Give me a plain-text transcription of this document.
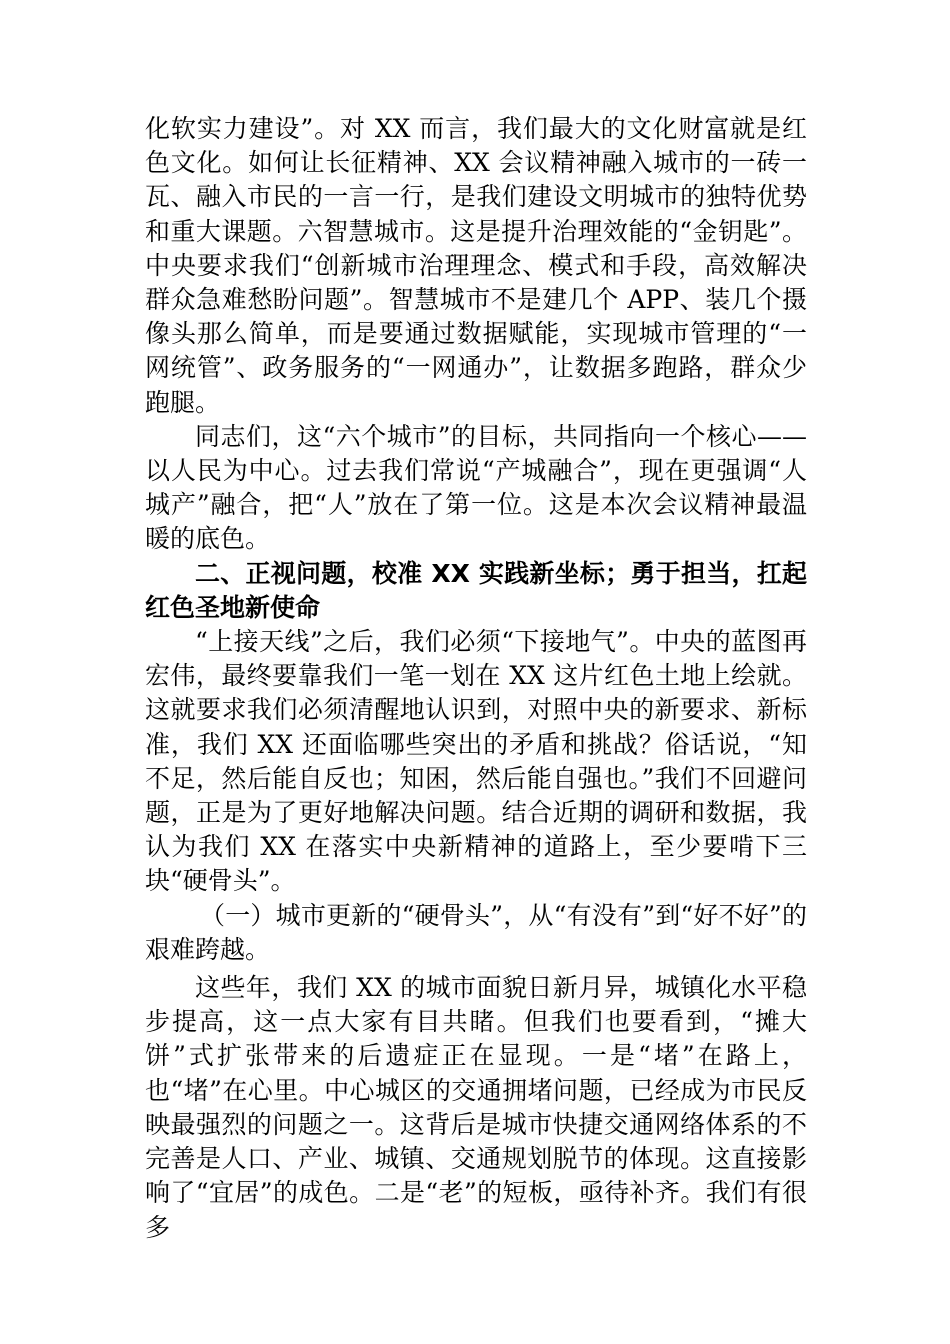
化软实力建设”。对 XX 而言，我们最大的文化财富就是红色文化。如何让长征精神、XX 会议精神融入城市的一砖一瓦、融入市民的一言一行，是我们建设文明城市的独特优势和重大课题。六智慧城市。这是提升治理效能的“金钥匙”。中央要求我们“创新城市治理理念、模式和手段，高效解决群众急难愁盼问题”。智慧城市不是建几个 APP、装几个摄像头那么简单，而是要通过数据赋能，实现城市管理的“一网统管”、政务服务的“一网通办”，让数据多跑路，群众少跑腿。

同志们，这“六个城市”的目标，共同指向一个核心——以人民为中心。过去我们常说“产城融合”，现在更强调“人城产”融合，把“人”放在了第一位。这是本次会议精神最温暖的底色。

二、正视问题，校准 XX 实践新坐标；勇于担当，扛起红色圣地新使命

“上接天线”之后，我们必须“下接地气”。中央的蓝图再宏伟，最终要靠我们一笔一划在 XX 这片红色土地上绘就。这就要求我们必须清醒地认识到，对照中央的新要求、新标准，我们 XX 还面临哪些突出的矛盾和挑战？俗话说，“知不足，然后能自反也；知困，然后能自强也。”我们不回避问题，正是为了更好地解决问题。结合近期的调研和数据，我认为我们 XX 在落实中央新精神的道路上，至少要啃下三块“硬骨头”。

（一）城市更新的“硬骨头”，从“有没有”到“好不好”的艰难跨越。

这些年，我们 XX 的城市面貌日新月异，城镇化水平稳步提高，这一点大家有目共睹。但我们也要看到，“摊大饼”式扩张带来的后遗症正在显现。一是“堵”在路上，也“堵”在心里。中心城区的交通拥堵问题，已经成为市民反映最强烈的问题之一。这背后是城市快捷交通网络体系的不完善是人口、产业、城镇、交通规划脱节的体现。这直接影响了“宜居”的成色。二是“老”的短板，亟待补齐。我们有很多
